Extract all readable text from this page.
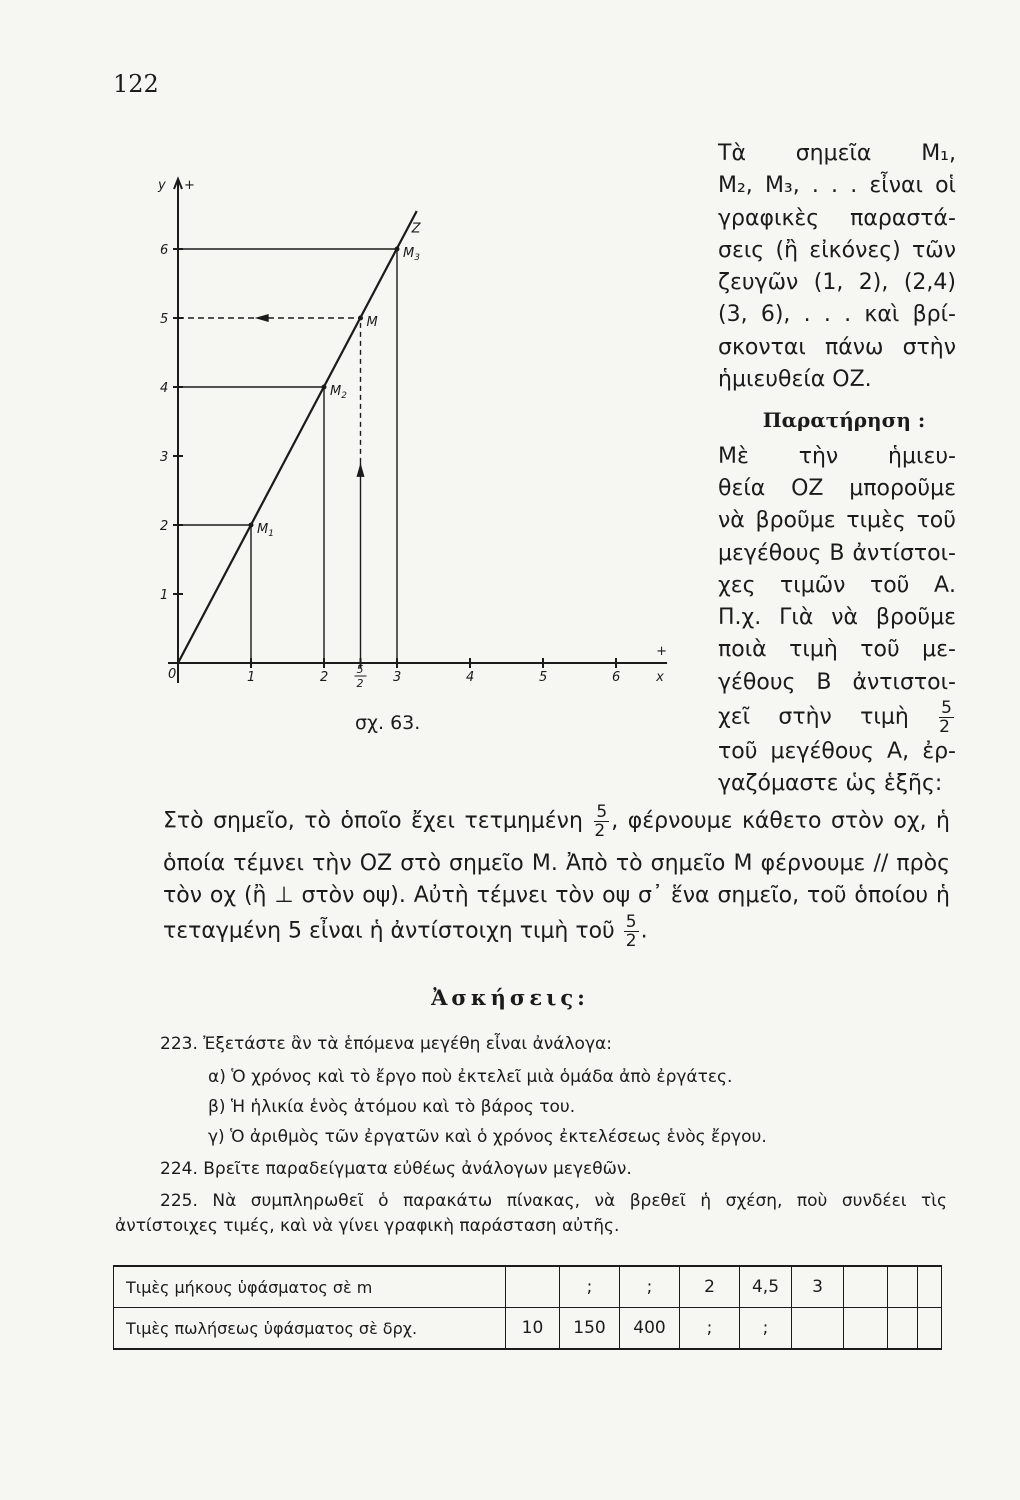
122
$M_1$
$M_2$
$M_3$
M
Z
0	1	2
5
2 3	4	5	6	x
+
1
2
3
4
5
6
y +
σχ. 63.

Τὰ σημεῖα M₁,

M₂, M₃, . . . εἶναι οἱ

γραφικὲς παραστά-

σεις (ἢ εἰκόνες) τῶν

ζευγῶν (1, 2), (2,4)

(3, 6), . . . καὶ βρί-

σκονται πάνω στὴν

ἡμιευθεία ΟΖ.

Παρατήρηση :

Μὲ τὴν ἡμιευ-

θεία ΟΖ μποροῦμε

νὰ βροῦμε τιμὲς τοῦ

μεγέθους Β ἀντίστοι-

χες τιμῶν τοῦ Α.

Π.χ. Γιὰ νὰ βροῦμε

ποιὰ τιμὴ τοῦ με-

γέθους Β ἀντιστοι-

χεῖ στὴν τιμὴ $\frac{5}{2}$

τοῦ μεγέθους Α, ἐρ-

γαζόμαστε ὡς ἑξῆς:

Στὸ σημεῖο, τὸ ὁποῖο ἔχει τετμημένη $\frac{5}{2}$ , φέρνουμε κάθετο στὸν οχ, ἡ
ὁποία τέμνει τὴν ΟΖ στὸ σημεῖο Μ. Ἀπὸ τὸ σημεῖο Μ φέρνουμε // πρὸς
τὸν οχ (ἢ ⊥ στὸν οψ). Αὐτὴ τέμνει τὸν οψ σ᾽ ἕνα σημεῖο, τοῦ ὁποίου ἡ
τεταγμένη 5 εἶναι ἡ ἀντίστοιχη τιμὴ τοῦ $\frac{5}{2}$ .
Ἀσκήσεις:
223. Ἐξετάστε ἂν τὰ ἑπόμενα μεγέθη εἶναι ἀνάλογα:
α) Ὁ χρόνος καὶ τὸ ἔργο ποὺ ἐκτελεῖ μιὰ ὁμάδα ἀπὸ ἐργάτες.
β) Ἡ ἡλικία ἑνὸς ἀτόμου καὶ τὸ βάρος του.
γ) Ὁ ἀριθμὸς τῶν ἐργατῶν καὶ ὁ χρόνος ἐκτελέσεως ἑνὸς ἔργου.
224. Βρεῖτε παραδείγματα εὐθέως ἀνάλογων μεγεθῶν.
225. Νὰ συμπληρωθεῖ ὁ παρακάτω πίνακας, νὰ βρεθεῖ ἡ σχέση, ποὺ συνδέει τὶς
ἀντίστοιχες τιμές, καὶ νὰ γίνει γραφικὴ παράσταση αὐτῆς.
Τιμὲς μήκους ὑφάσματος σὲ m		;	;	2	4,5	3			
Τιμὲς πωλήσεως ὑφάσματος σὲ δρχ.	10	150	400	;	;				
